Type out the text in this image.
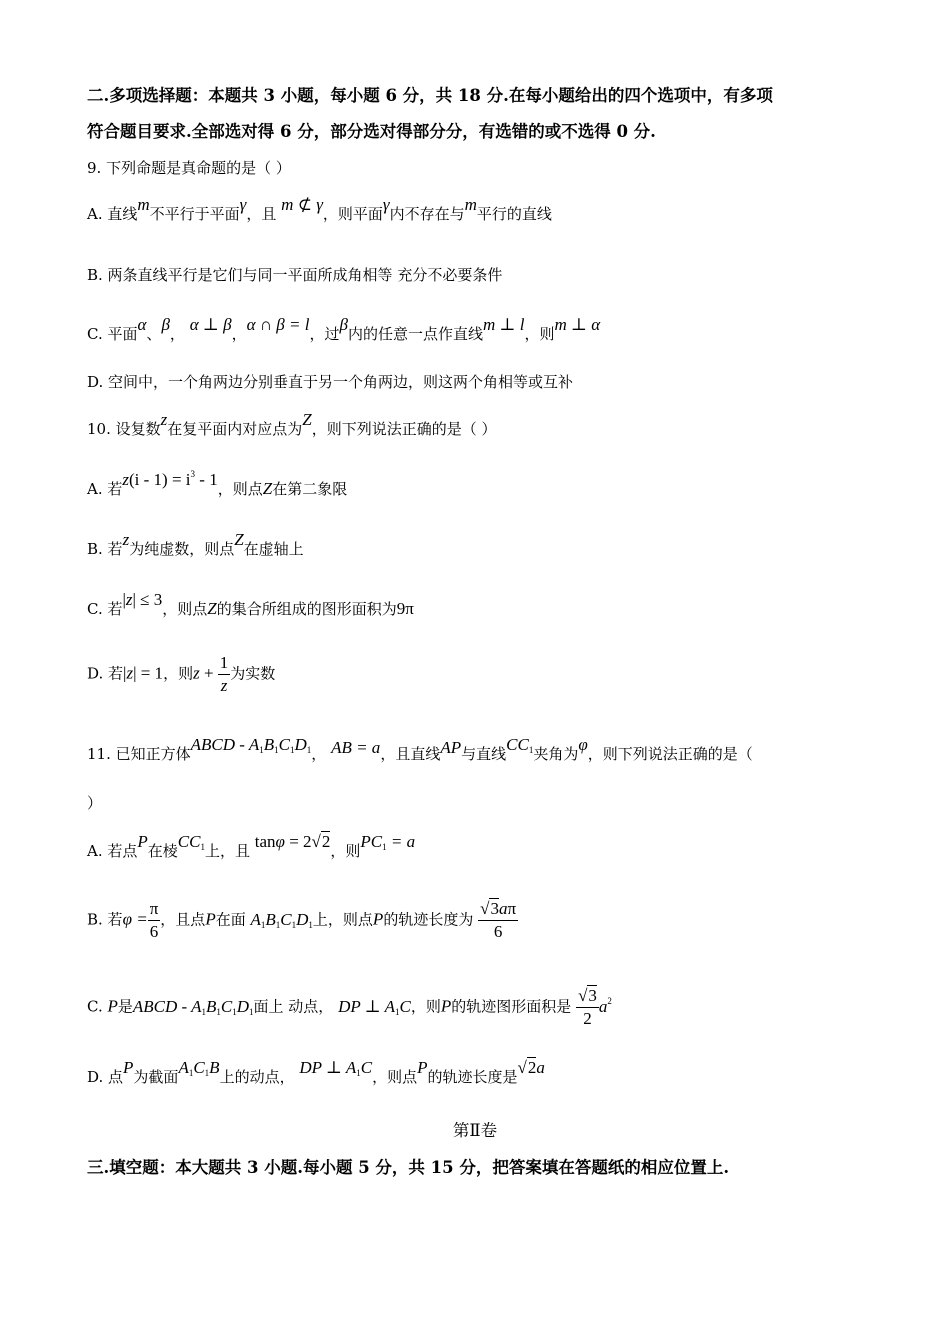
二.多项选择题：本题共 3 小题，每小题 6 分，共 18 分.在每小题给出的四个选项中，有多项
符合题目要求.全部选对得 6 分，部分选对得部分分，有选错的或不选得 0 分.
9. 下列命题是真命题的是（ ）
A. 直线m不平行于平面γ，且 m ⊄ γ，则平面γ内不存在与m平行的直线
B. 两条直线平行是它们与同一平面所成角相等 充分不必要条件
C. 平面α、β， α ⊥ β，α ∩ β = l，过β内的任意一点作直线m ⊥ l，则m ⊥ α
D. 空间中，一个角两边分别垂直于另一个角两边，则这两个角相等或互补
10. 设复数z在复平面内对应点为Z，则下列说法正确的是（ ）
A. 若$z(i - 1) = i^3 - 1$，则点Z在第二象限
B. 若z为纯虚数，则点Z在虚轴上
C. 若|z| ≤ 3，则点Z的集合所组成的图形面积为9π
D. 若|z| = 1，则$z + \frac{1}{z}$ 为实数
11. 已知正方体ABCD - A1B1C1D1， AB = a，且直线AP与直线CC1夹角为φ，则下列说法正确的是（
）
A. 若点P在棱CC1上，且 tanφ = 2√2，则PC1 = a
B. 若$\varphi = \frac{\pi}{6}$ ，且点P在面 A1B1C1D1上，则点P的轨迹长度为 $\frac{√3a\pi}{6}$
C. P是ABCD - A1B1C1D1面上 动点， DP ⊥ A1C，则P的轨迹图形面积是 $\frac{√3}{2} a^2$
D. 点P为截面A1C1B上的动点， DP ⊥ A1C，则点P的轨迹长度是√2a
第Ⅱ卷
三.填空题：本大题共 3 小题.每小题 5 分，共 15 分，把答案填在答题纸的相应位置上.
